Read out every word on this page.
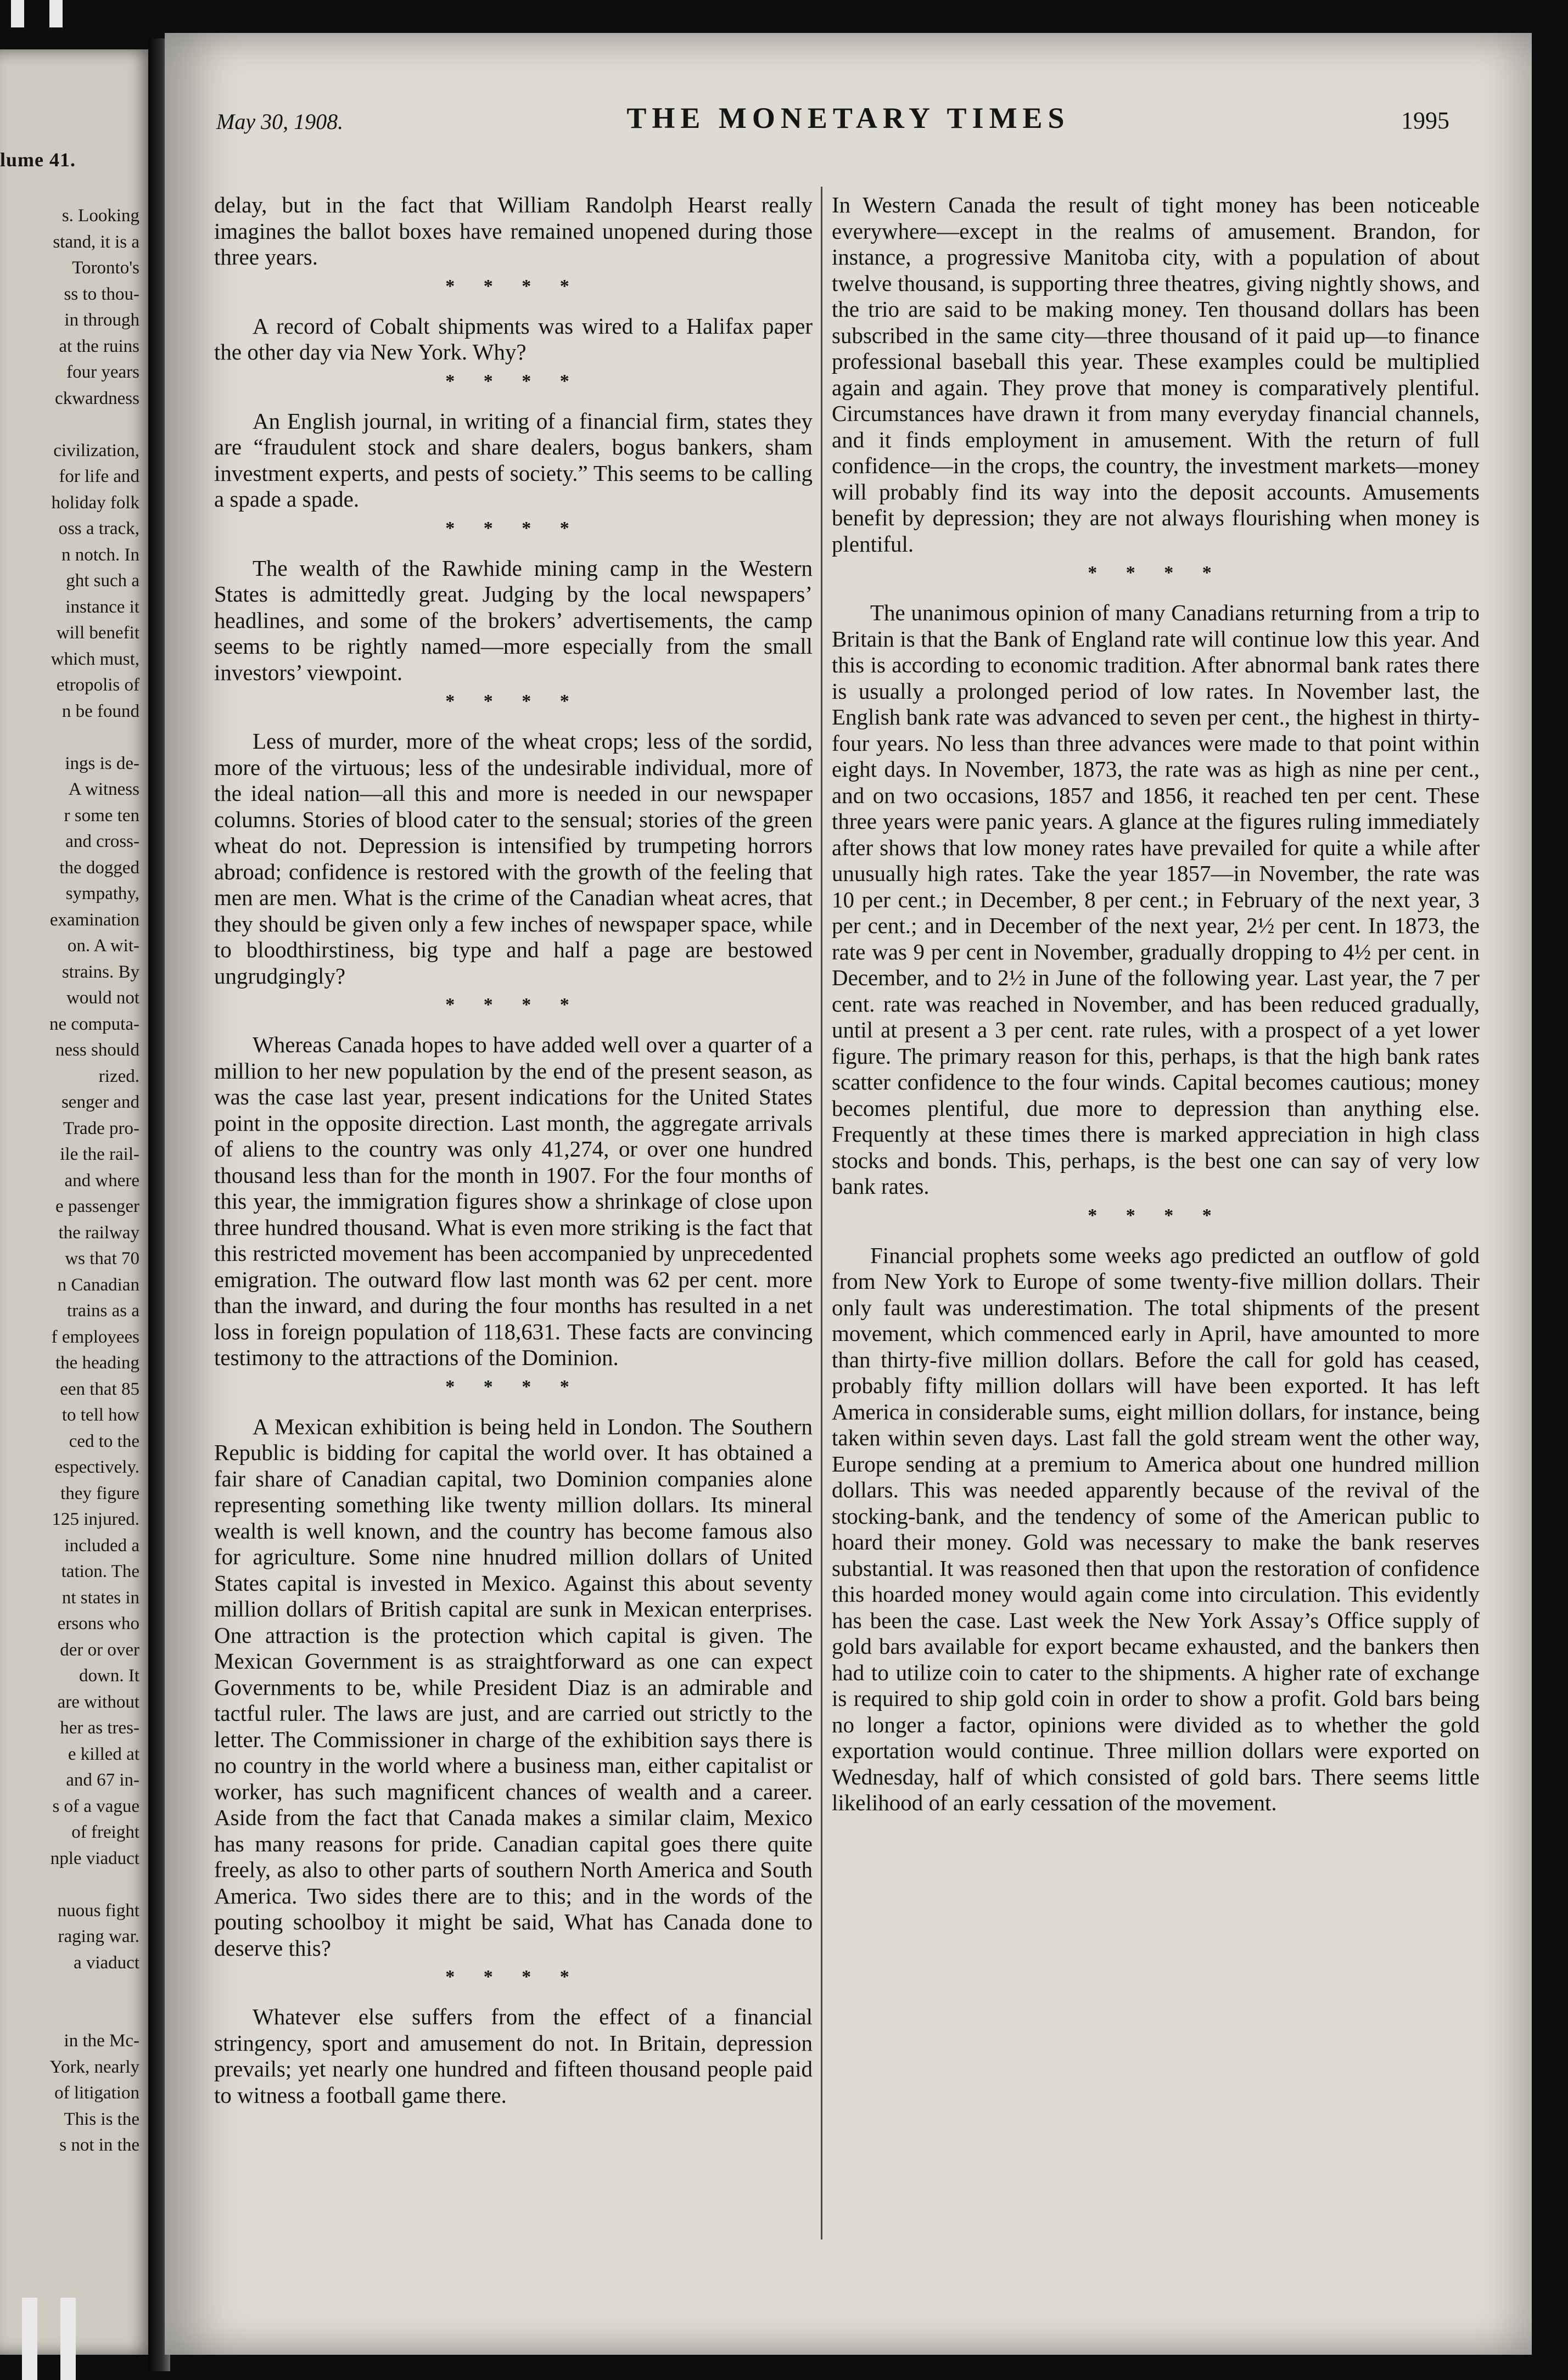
lume 41.
s. Looking
stand, it is a
Toronto's
ss to thou-
in through
at the ruins
four years
ckwardness
civilization,
for life and
holiday folk
oss a track,
n notch. In
ght such a
instance it
will benefit
which must,
etropolis of
n be found
ings is de-
A witness
r some ten
and cross-
the dogged
sympathy,
examination
on. A wit-
strains. By
would not
ne computa-
ness should
rized.
senger and
Trade pro-
ile the rail-
and where
e passenger
the railway
ws that 70
n Canadian
trains as a
f employees
the heading
een that 85
to tell how
ced to the
espectively.
they figure
125 injured.
included a
tation. The
nt states in
ersons who
der or over
down. It
are without
her as tres-
e killed at
and 67 in-
s of a vague
of freight
nple viaduct
nuous fight
raging war.
a viaduct
in the Mc-
York, nearly
of litigation
This is the
s not in the
May 30, 1908.	THE MONETARY TIMES	1995

delay, but in the fact that William Randolph Hearst really imagines the ballot boxes have remained unopened during those three years.

* * * *

A record of Cobalt shipments was wired to a Halifax paper the other day via New York. Why?

* * * *

An English journal, in writing of a financial firm, states they are “fraudulent stock and share dealers, bogus bankers, sham investment experts, and pests of society.” This seems to be calling a spade a spade.

* * * *

The wealth of the Rawhide mining camp in the Western States is admittedly great. Judging by the local newspapers’ headlines, and some of the brokers’ advertisements, the camp seems to be rightly named—more especially from the small investors’ viewpoint.

* * * *

Less of murder, more of the wheat crops; less of the sordid, more of the virtuous; less of the undesirable individual, more of the ideal nation—all this and more is needed in our newspaper columns. Stories of blood cater to the sensual; stories of the green wheat do not. Depression is intensified by trumpeting horrors abroad; confidence is restored with the growth of the feeling that men are men. What is the crime of the Canadian wheat acres, that they should be given only a few inches of newspaper space, while to bloodthirstiness, big type and half a page are bestowed ungrudgingly?

* * * *

Whereas Canada hopes to have added well over a quarter of a million to her new population by the end of the present season, as was the case last year, present indications for the United States point in the opposite direction. Last month, the aggregate arrivals of aliens to the country was only 41,274, or over one hundred thousand less than for the month in 1907. For the four months of this year, the immigration figures show a shrinkage of close upon three hundred thousand. What is even more striking is the fact that this restricted movement has been accompanied by unprecedented emigration. The outward flow last month was 62 per cent. more than the inward, and during the four months has resulted in a net loss in foreign population of 118,631. These facts are convincing testimony to the attractions of the Dominion.

* * * *

A Mexican exhibition is being held in London. The Southern Republic is bidding for capital the world over. It has obtained a fair share of Canadian capital, two Dominion companies alone representing something like twenty million dollars. Its mineral wealth is well known, and the country has become famous also for agriculture. Some nine hnudred million dollars of United States capital is invested in Mexico. Against this about seventy million dollars of British capital are sunk in Mexican enterprises. One attraction is the protection which capital is given. The Mexican Government is as straightforward as one can expect Governments to be, while President Diaz is an admirable and tactful ruler. The laws are just, and are carried out strictly to the letter. The Commissioner in charge of the exhibition says there is no country in the world where a business man, either capitalist or worker, has such magnificent chances of wealth and a career. Aside from the fact that Canada makes a similar claim, Mexico has many reasons for pride. Canadian capital goes there quite freely, as also to other parts of southern North America and South America. Two sides there are to this; and in the words of the pouting schoolboy it might be said, What has Canada done to deserve this?

* * * *

Whatever else suffers from the effect of a financial stringency, sport and amusement do not. In Britain, depression prevails; yet nearly one hundred and fifteen thousand people paid to witness a football game there.

In Western Canada the result of tight money has been noticeable everywhere—except in the realms of amusement. Brandon, for instance, a progressive Manitoba city, with a population of about twelve thousand, is supporting three theatres, giving nightly shows, and the trio are said to be making money. Ten thousand dollars has been subscribed in the same city—three thousand of it paid up—to finance professional baseball this year. These examples could be multiplied again and again. They prove that money is comparatively plentiful. Circumstances have drawn it from many everyday financial channels, and it finds employment in amusement. With the return of full confidence—in the crops, the country, the investment markets—money will probably find its way into the deposit accounts. Amusements benefit by depression; they are not always flourishing when money is plentiful.

* * * *

The unanimous opinion of many Canadians returning from a trip to Britain is that the Bank of England rate will continue low this year. And this is according to economic tradition. After abnormal bank rates there is usually a prolonged period of low rates. In November last, the English bank rate was advanced to seven per cent., the highest in thirty-four years. No less than three advances were made to that point within eight days. In November, 1873, the rate was as high as nine per cent., and on two occasions, 1857 and 1856, it reached ten per cent. These three years were panic years. A glance at the figures ruling immediately after shows that low money rates have prevailed for quite a while after unusually high rates. Take the year 1857—in November, the rate was 10 per cent.; in December, 8 per cent.; in February of the next year, 3 per cent.; and in December of the next year, 2½ per cent. In 1873, the rate was 9 per cent in November, gradually dropping to 4½ per cent. in December, and to 2½ in June of the following year. Last year, the 7 per cent. rate was reached in November, and has been reduced gradually, until at present a 3 per cent. rate rules, with a prospect of a yet lower figure. The primary reason for this, perhaps, is that the high bank rates scatter confidence to the four winds. Capital becomes cautious; money becomes plentiful, due more to depression than anything else. Frequently at these times there is marked appreciation in high class stocks and bonds. This, perhaps, is the best one can say of very low bank rates.

* * * *

Financial prophets some weeks ago predicted an outflow of gold from New York to Europe of some twenty-five million dollars. Their only fault was underestimation. The total shipments of the present movement, which commenced early in April, have amounted to more than thirty-five million dollars. Before the call for gold has ceased, probably fifty million dollars will have been exported. It has left America in considerable sums, eight million dollars, for instance, being taken within seven days. Last fall the gold stream went the other way, Europe sending at a premium to America about one hundred million dollars. This was needed apparently because of the revival of the stocking-bank, and the tendency of some of the American public to hoard their money. Gold was necessary to make the bank reserves substantial. It was reasoned then that upon the restoration of confidence this hoarded money would again come into circulation. This evidently has been the case. Last week the New York Assay’s Office supply of gold bars available for export became exhausted, and the bankers then had to utilize coin to cater to the shipments. A higher rate of exchange is required to ship gold coin in order to show a profit. Gold bars being no longer a factor, opinions were divided as to whether the gold exportation would continue. Three million dollars were exported on Wednesday, half of which consisted of gold bars. There seems little likelihood of an early cessation of the movement.
